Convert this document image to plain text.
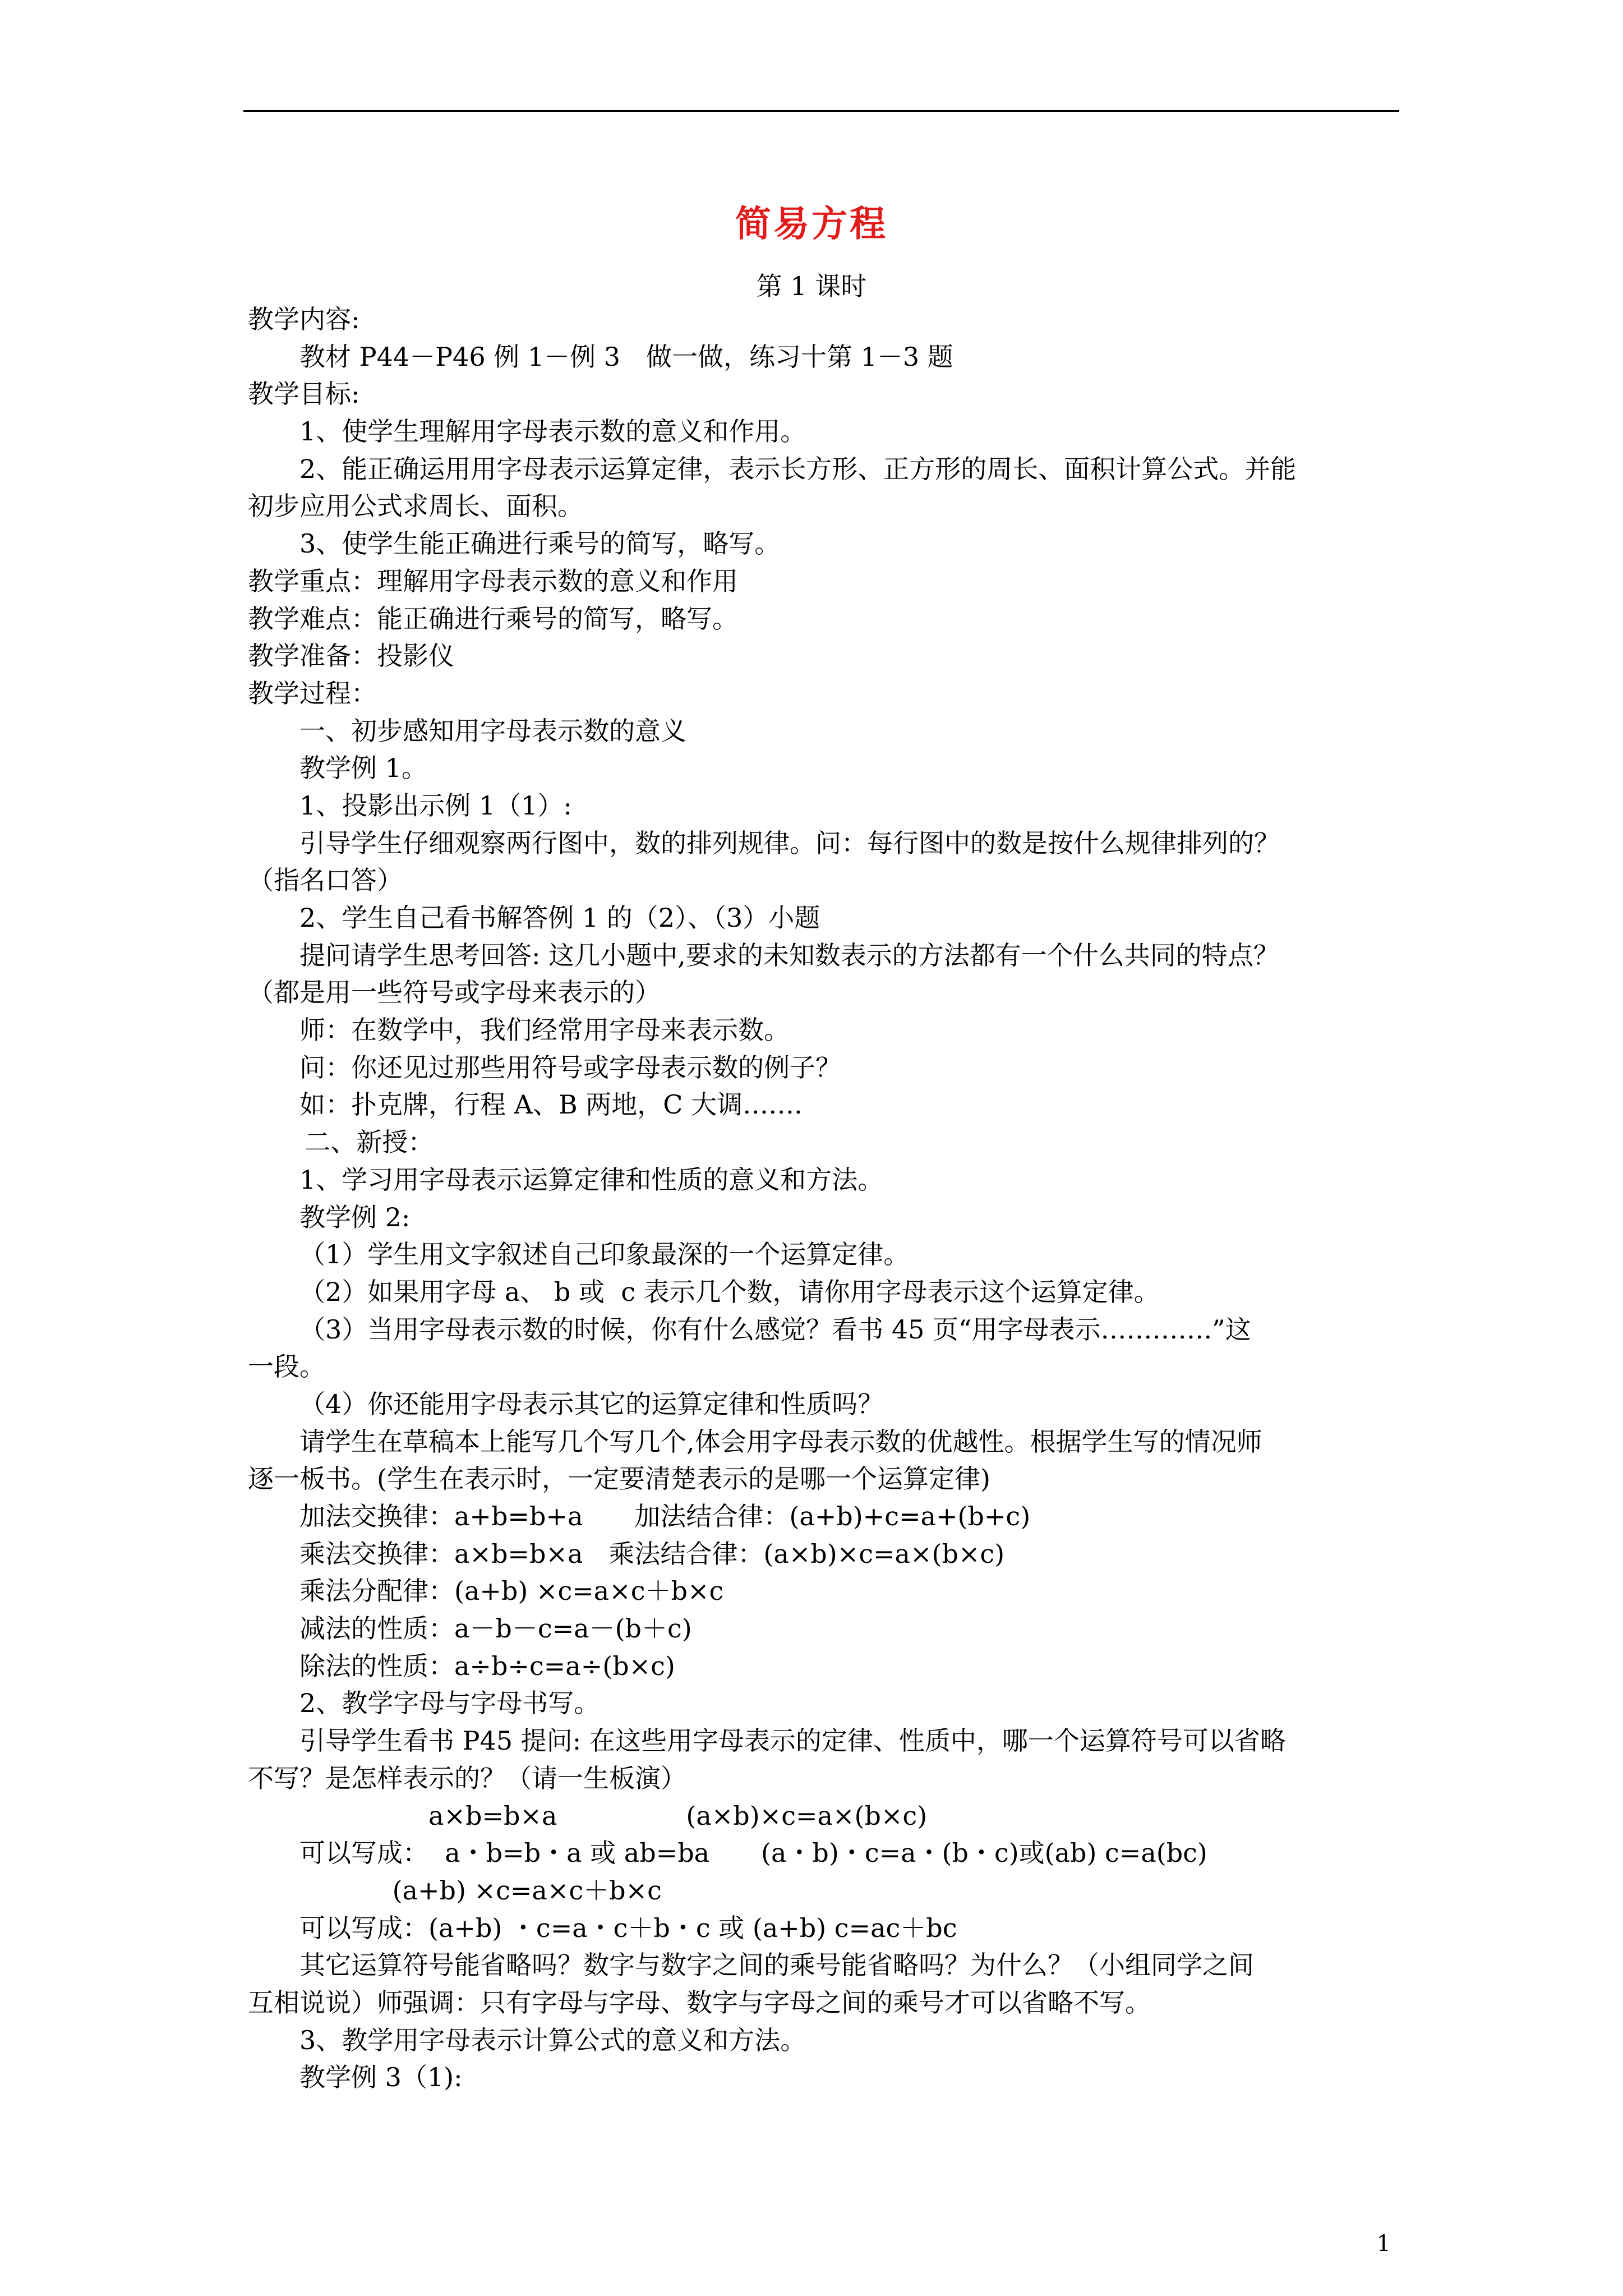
简易方程
第 1 课时
教学内容:
教材 P44－P46 例 1－例 3　做一做，练习十第 1－3 题
教学目标:
1、使学生理解用字母表示数的意义和作用。
2、能正确运用用字母表示运算定律，表示长方形、正方形的周长、面积计算公式。并能
初步应用公式求周长、面积。
3、使学生能正确进行乘号的简写，略写。
教学重点：理解用字母表示数的意义和作用
教学难点：能正确进行乘号的简写，略写。
教学准备：投影仪
教学过程：
一、初步感知用字母表示数的意义
教学例 1。
1、投影出示例 1（1）:
引导学生仔细观察两行图中，数的排列规律。问：每行图中的数是按什么规律排列的？
（指名口答）
2、学生自己看书解答例 1 的（2）、（3）小题
提问请学生思考回答: 这几小题中,要求的未知数表示的方法都有一个什么共同的特点？
（都是用一些符号或字母来表示的）
师：在数学中，我们经常用字母来表示数。
问：你还见过那些用符号或字母表示数的例子？
如：扑克牌，行程 A、B 两地，C 大调…….
二、新授：
1、学习用字母表示运算定律和性质的意义和方法。
教学例 2:
（1）学生用文字叙述自己印象最深的一个运算定律。
（2）如果用字母 a、 b 或  c 表示几个数，请你用字母表示这个运算定律。
（3）当用字母表示数的时候，你有什么感觉？看书 45 页“用字母表示………….”这
一段。
（4）你还能用字母表示其它的运算定律和性质吗？
请学生在草稿本上能写几个写几个,体会用字母表示数的优越性。根据学生写的情况师
逐一板书。(学生在表示时，一定要清楚表示的是哪一个运算定律)
加法交换律：a+b=b+a　　加法结合律：(a+b)+c=a+(b+c)
乘法交换律：a×b=b×a　乘法结合律：(a×b)×c=a×(b×c)
乘法分配律：(a+b) ×c=a×c＋b×c
减法的性质：a－b－c=a－(b＋c)
除法的性质：a÷b÷c=a÷(b×c)
2、教学字母与字母书写。
引导学生看书 P45 提问: 在这些用字母表示的定律、性质中，哪一个运算符号可以省略
不写？是怎样表示的？（请一生板演）
a×b=b×a　　　　　(a×b)×c=a×(b×c)
可以写成：  a・b=b・a 或 ab=ba　　(a・b)・c=a・(b・c)或(ab) c=a(bc)
(a+b) ×c=a×c＋b×c
可以写成：(a+b) ・c=a・c＋b・c 或 (a+b) c=ac＋bc
其它运算符号能省略吗？数字与数字之间的乘号能省略吗？为什么？（小组同学之间
互相说说）师强调：只有字母与字母、数字与字母之间的乘号才可以省略不写。
3、教学用字母表示计算公式的意义和方法。
教学例 3（1):
1
